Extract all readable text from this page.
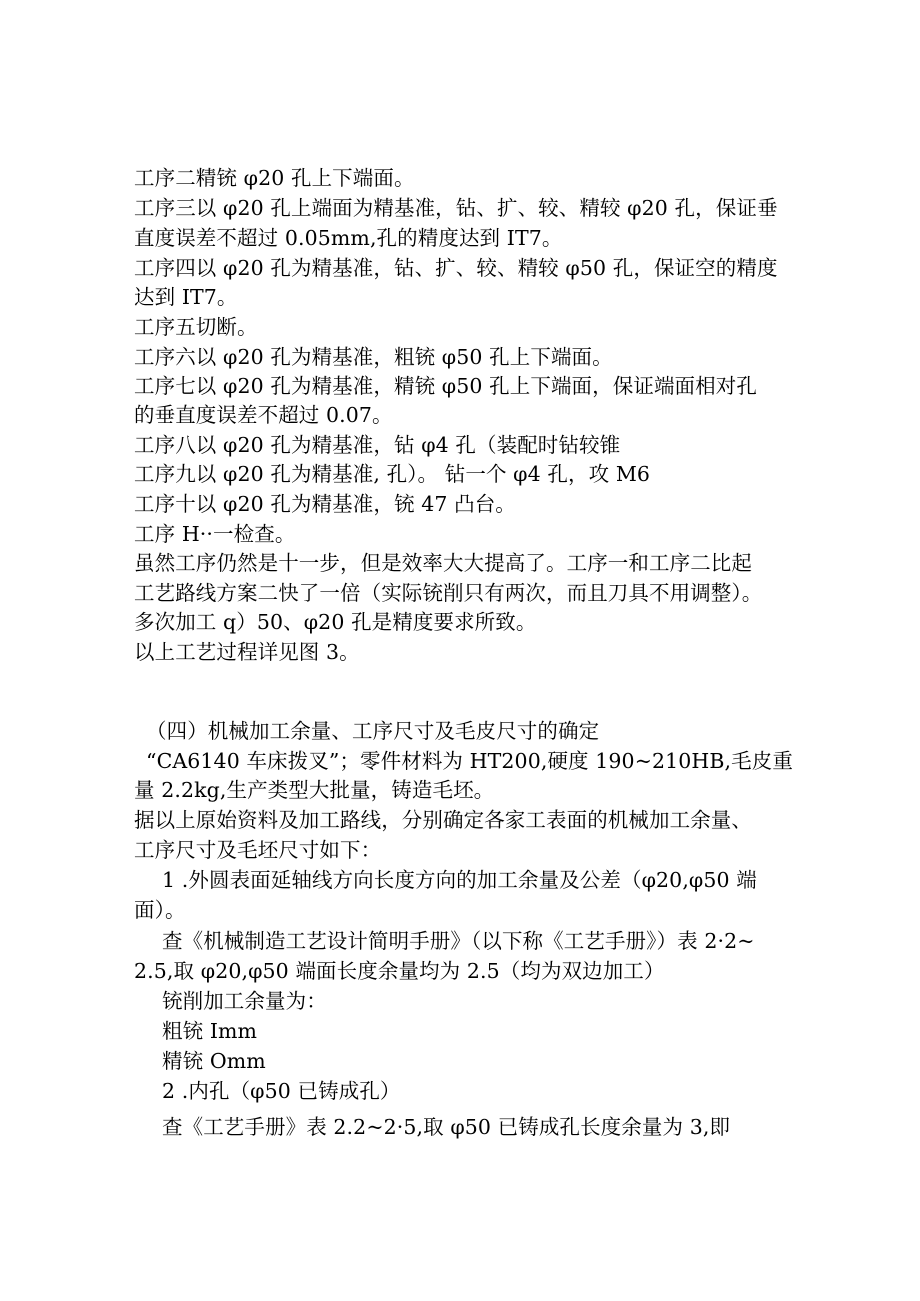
工序二精铳 φ20 孔上下端面。
工序三以 φ20 孔上端面为精基准，钻、扩、较、精较 φ20 孔，保证垂
直度误差不超过 0.05mm,孔的精度达到 IT7。
工序四以 φ20 孔为精基准，钻、扩、较、精较 φ50 孔，保证空的精度
达到 IT7。
工序五切断。
工序六以 φ20 孔为精基准，粗铳 φ50 孔上下端面。
工序七以 φ20 孔为精基准，精铳 φ50 孔上下端面，保证端面相对孔
的垂直度误差不超过 0.07。
工序八以 φ20 孔为精基准，钻 φ4 孔（装配时钻较锥
工序九以 φ20 孔为精基准, 孔）。 钻一个 φ4 孔，攻 M6
工序十以 φ20 孔为精基准，铳 47 凸台。
工序 H··一检查。
虽然工序仍然是十一步，但是效率大大提高了。工序一和工序二比起
工艺路线方案二快了一倍（实际铳削只有两次，而且刀具不用调整）。
多次加工 q）50、φ20 孔是精度要求所致。
以上工艺过程详见图 3。
（四）机械加工余量、工序尺寸及毛皮尺寸的确定
“CA6140 车床拨叉”；零件材料为 HT200,硬度 190~210HB,毛皮重
量 2.2kg,生产类型大批量，铸造毛坯。
据以上原始资料及加工路线，分别确定各家工表面的机械加工余量、
工序尺寸及毛坯尺寸如下：
1 .外圆表面延轴线方向长度方向的加工余量及公差（φ20,φ50 端
面）。
查《机械制造工艺设计简明手册》（以下称《工艺手册》）表 2·2~
2.5,取 φ20,φ50 端面长度余量均为 2.5（均为双边加工）
铳削加工余量为：
粗铳 Imm
精铳 Omm
2 .内孔（φ50 已铸成孔）
查《工艺手册》表 2.2~2·5,取 φ50 已铸成孔长度余量为 3,即
